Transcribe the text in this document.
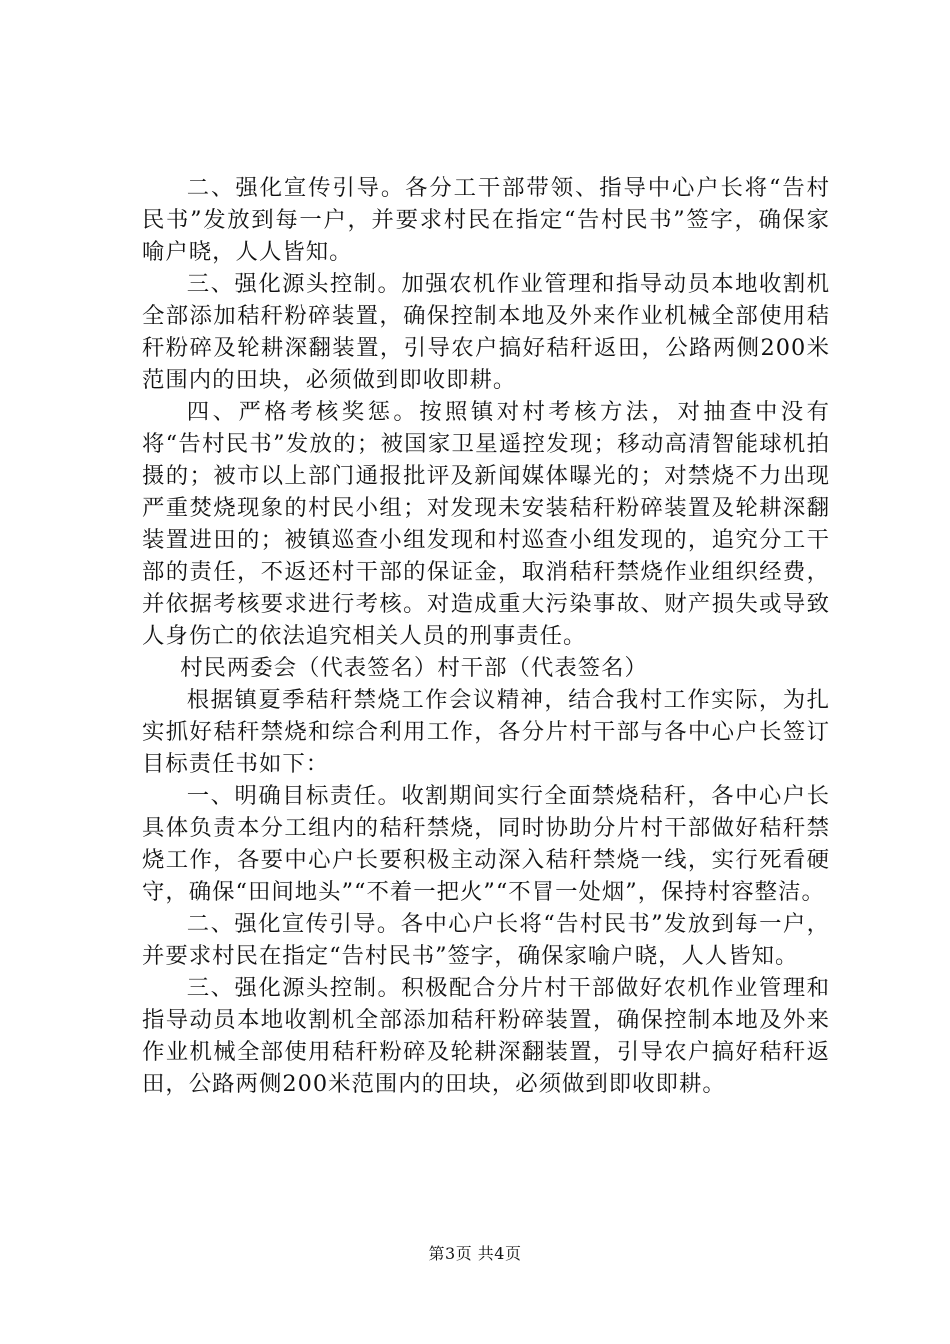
二、强化宣传引导。各分工干部带领、指导中心户长将“告村民书”发放到每一户，并要求村民在指定“告村民书”签字，确保家喻户晓，人人皆知。

三、强化源头控制。加强农机作业管理和指导动员本地收割机全部添加秸秆粉碎装置，确保控制本地及外来作业机械全部使用秸秆粉碎及轮耕深翻装置，引导农户搞好秸秆返田，公路两侧200米范围内的田块，必须做到即收即耕。

四、严格考核奖惩。按照镇对村考核方法，对抽查中没有将“告村民书”发放的；被国家卫星遥控发现；移动高清智能球机拍摄的；被市以上部门通报批评及新闻媒体曝光的；对禁烧不力出现严重焚烧现象的村民小组；对发现未安装秸秆粉碎装置及轮耕深翻装置进田的；被镇巡查小组发现和村巡查小组发现的，追究分工干部的责任，不返还村干部的保证金，取消秸秆禁烧作业组织经费，并依据考核要求进行考核。对造成重大污染事故、财产损失或导致人身伤亡的依法追究相关人员的刑事责任。

村民两委会（代表签名）村干部（代表签名）

根据镇夏季秸秆禁烧工作会议精神，结合我村工作实际，为扎实抓好秸秆禁烧和综合利用工作，各分片村干部与各中心户长签订目标责任书如下：

一、明确目标责任。收割期间实行全面禁烧秸秆，各中心户长具体负责本分工组内的秸秆禁烧，同时协助分片村干部做好秸秆禁烧工作，各要中心户长要积极主动深入秸秆禁烧一线，实行死看硬守，确保“田间地头”“不着一把火”“不冒一处烟”，保持村容整洁。

二、强化宣传引导。各中心户长将“告村民书”发放到每一户，并要求村民在指定“告村民书”签字，确保家喻户晓，人人皆知。

三、强化源头控制。积极配合分片村干部做好农机作业管理和指导动员本地收割机全部添加秸秆粉碎装置，确保控制本地及外来作业机械全部使用秸秆粉碎及轮耕深翻装置，引导农户搞好秸秆返田，公路两侧200米范围内的田块，必须做到即收即耕。

第3页 共4页
